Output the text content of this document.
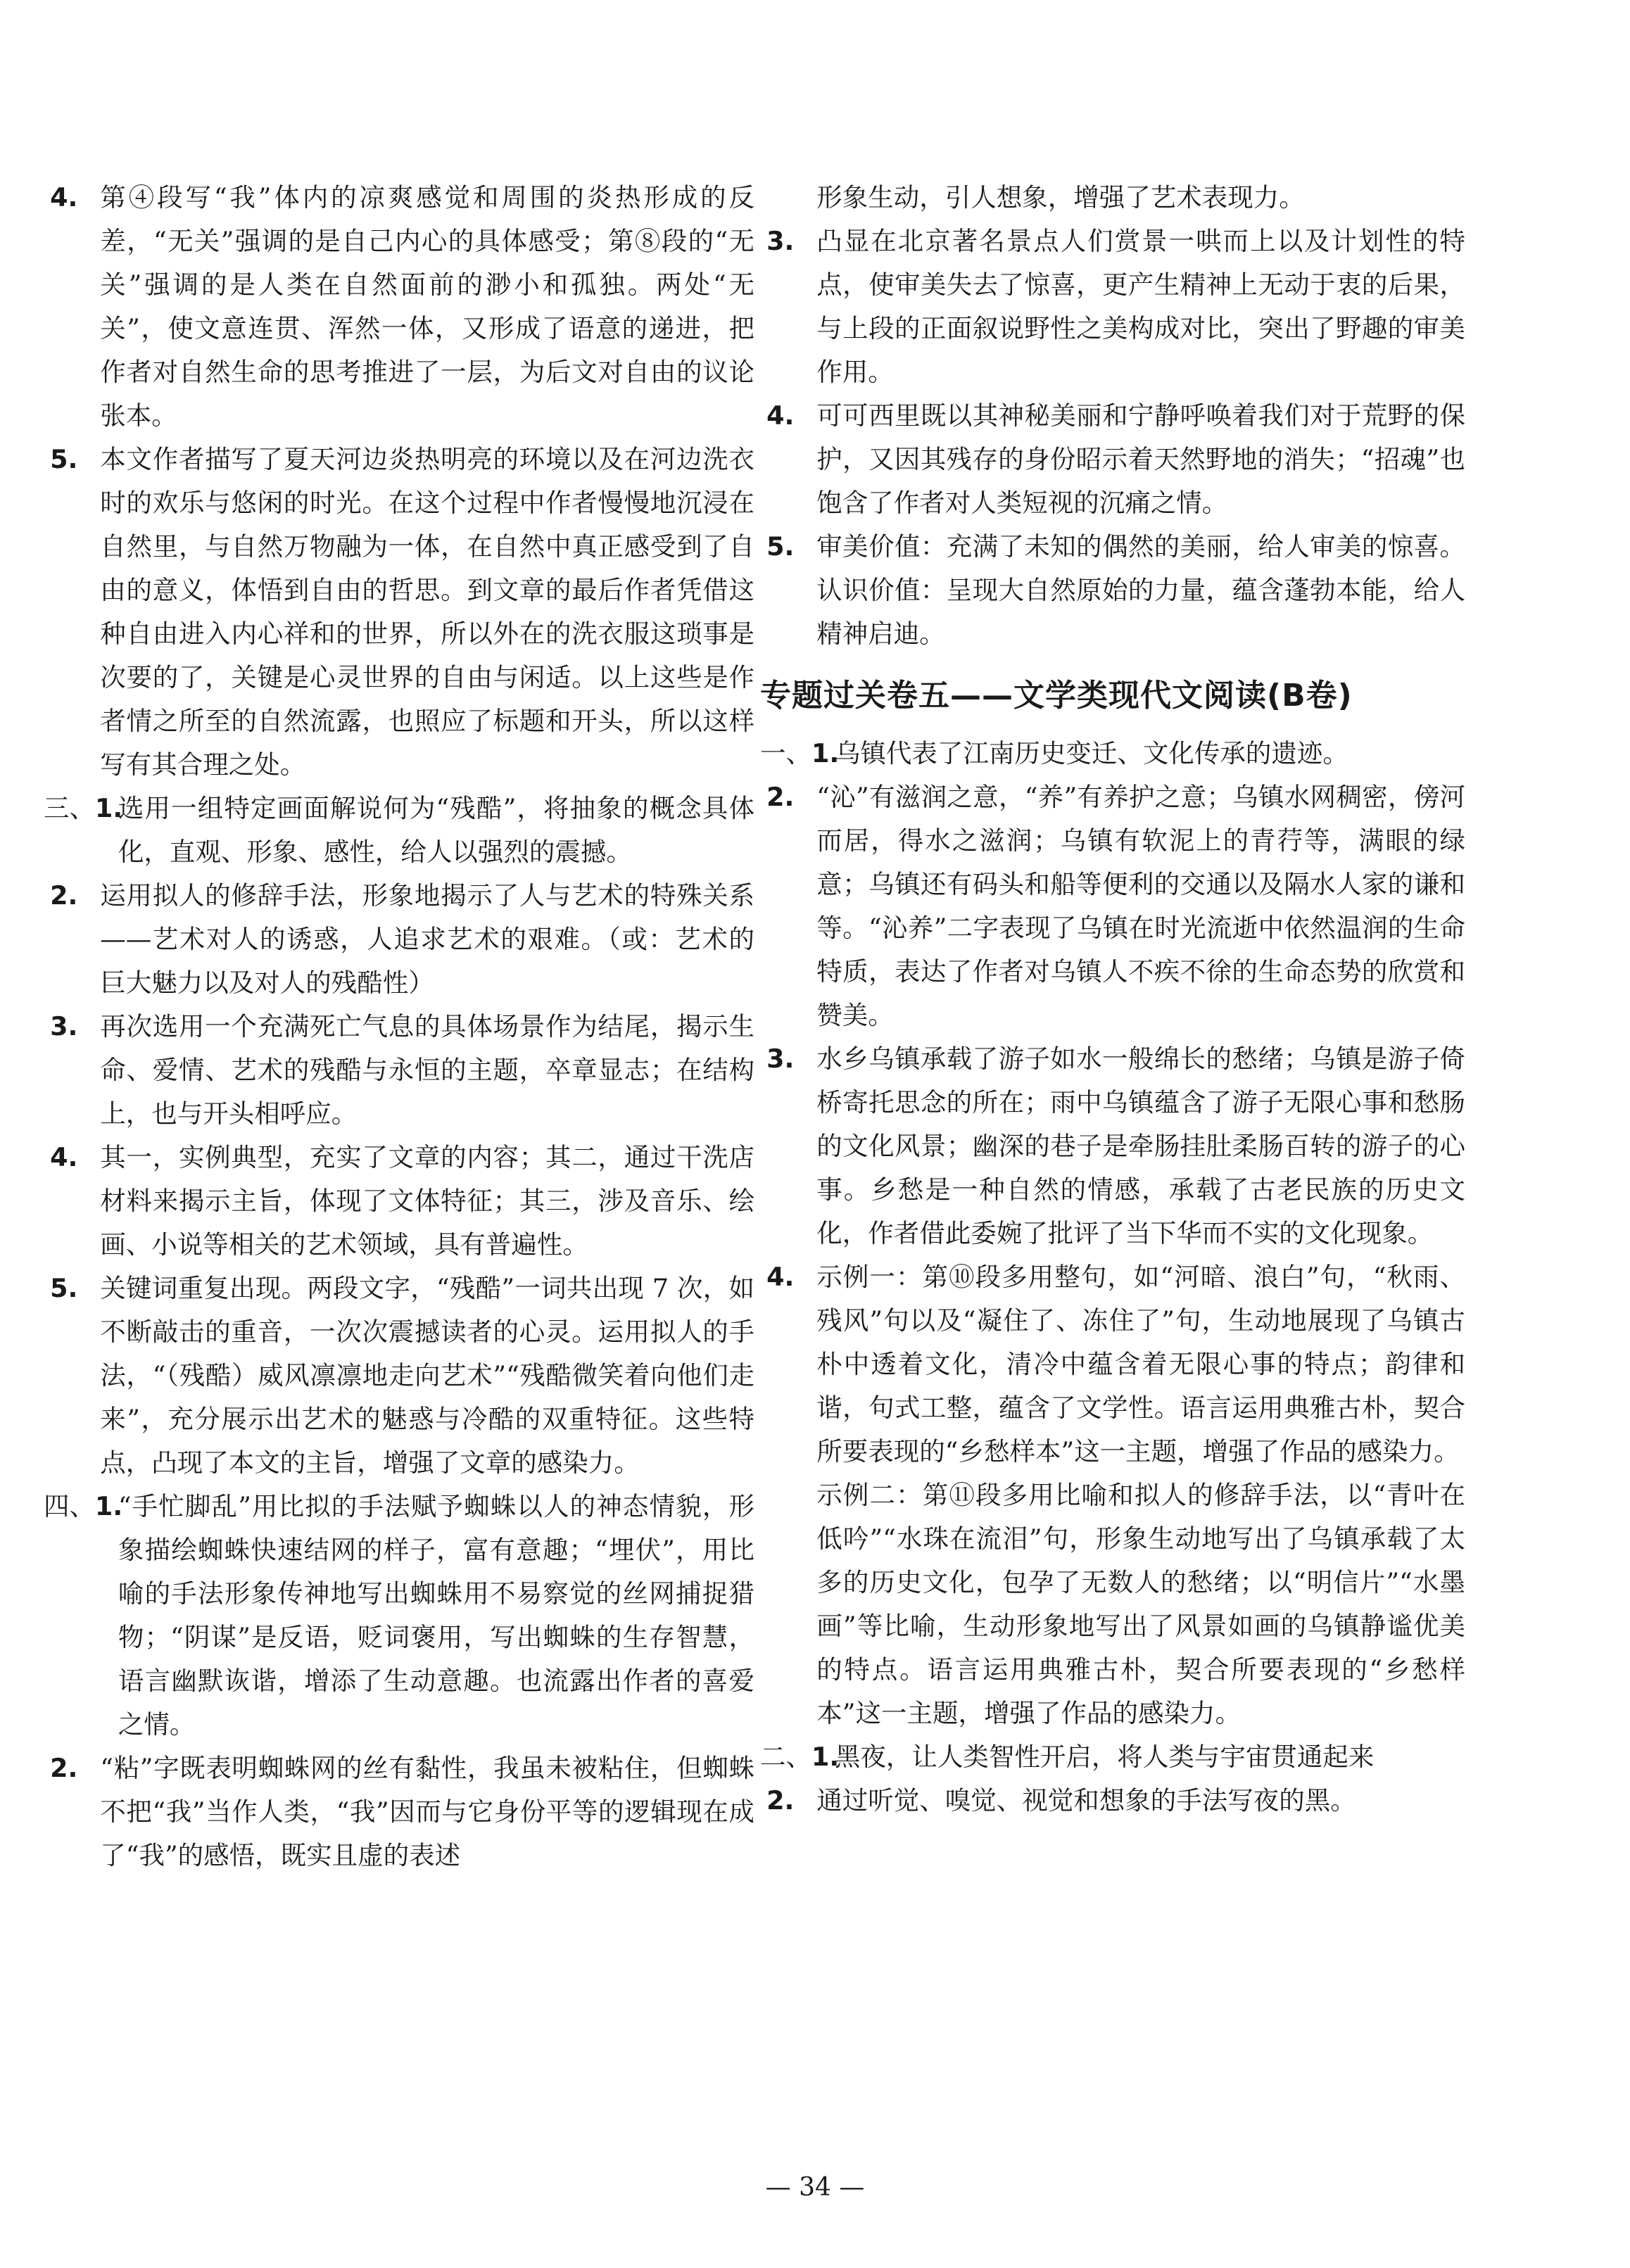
4. 第④段写“我”体内的凉爽感觉和周围的炎热形成的反差，“无关”强调的是自己内心的具体感受；第⑧段的“无关”强调的是人类在自然面前的渺小和孤独。两处“无关”，使文意连贯、浑然一体，又形成了语意的递进，把作者对自然生命的思考推进了一层，为后文对自由的议论张本。
5. 本文作者描写了夏天河边炎热明亮的环境以及在河边洗衣时的欢乐与悠闲的时光。在这个过程中作者慢慢地沉浸在自然里，与自然万物融为一体，在自然中真正感受到了自由的意义，体悟到自由的哲思。到文章的最后作者凭借这种自由进入内心祥和的世界，所以外在的洗衣服这琐事是次要的了，关键是心灵世界的自由与闲适。以上这些是作者情之所至的自然流露，也照应了标题和开头，所以这样写有其合理之处。
三、1.
选用一组特定画面解说何为“残酷”，将抽象的概念具体化，直观、形象、感性，给人以强烈的震撼。
2. 运用拟人的修辞手法，形象地揭示了人与艺术的特殊关系——艺术对人的诱惑，人追求艺术的艰难。（或：艺术的巨大魅力以及对人的残酷性）
3. 再次选用一个充满死亡气息的具体场景作为结尾，揭示生命、爱情、艺术的残酷与永恒的主题，卒章显志；在结构上，也与开头相呼应。
4. 其一，实例典型，充实了文章的内容；其二，通过干洗店材料来揭示主旨，体现了文体特征；其三，涉及音乐、绘画、小说等相关的艺术领域，具有普遍性。
5. 关键词重复出现。两段文字，“残酷”一词共出现 7 次，如不断敲击的重音，一次次震撼读者的心灵。运用拟人的手法，“（残酷）威风凛凛地走向艺术”“残酷微笑着向他们走来”，充分展示出艺术的魅惑与冷酷的双重特征。这些特点，凸现了本文的主旨，增强了文章的感染力。
四、1.
“手忙脚乱”用比拟的手法赋予蜘蛛以人的神态情貌，形象描绘蜘蛛快速结网的样子，富有意趣；“埋伏”，用比喻的手法形象传神地写出蜘蛛用不易察觉的丝网捕捉猎物；“阴谋”是反语，贬词褒用，写出蜘蛛的生存智慧，语言幽默诙谐，增添了生动意趣。也流露出作者的喜爱之情。
2. “粘”字既表明蜘蛛网的丝有黏性，我虽未被粘住，但蜘蛛不把“我”当作人类，“我”因而与它身份平等的逻辑现在成了“我”的感悟，既实且虚的表述
形象生动，引人想象，增强了艺术表现力。
3. 凸显在北京著名景点人们赏景一哄而上以及计划性的特点，使审美失去了惊喜，更产生精神上无动于衷的后果，与上段的正面叙说野性之美构成对比，突出了野趣的审美作用。
4. 可可西里既以其神秘美丽和宁静呼唤着我们对于荒野的保护，又因其残存的身份昭示着天然野地的消失；“招魂”也饱含了作者对人类短视的沉痛之情。
5. 审美价值：充满了未知的偶然的美丽，给人审美的惊喜。认识价值：呈现大自然原始的力量，蕴含蓬勃本能，给人精神启迪。
专题过关卷五——文学类现代文阅读(B卷)
一、1.
乌镇代表了江南历史变迁、文化传承的遗迹。
2. “沁”有滋润之意，“养”有养护之意；乌镇水网稠密，傍河而居，得水之滋润；乌镇有软泥上的青荇等，满眼的绿意；乌镇还有码头和船等便利的交通以及隔水人家的谦和等。“沁养”二字表现了乌镇在时光流逝中依然温润的生命特质，表达了作者对乌镇人不疾不徐的生命态势的欣赏和赞美。
3. 水乡乌镇承载了游子如水一般绵长的愁绪；乌镇是游子倚桥寄托思念的所在；雨中乌镇蕴含了游子无限心事和愁肠的文化风景；幽深的巷子是牵肠挂肚柔肠百转的游子的心事。乡愁是一种自然的情感，承载了古老民族的历史文化，作者借此委婉了批评了当下华而不实的文化现象。
4. 示例一：第⑩段多用整句，如“河暗、浪白”句，“秋雨、残风”句以及“凝住了、冻住了”句，生动地展现了乌镇古朴中透着文化，清冷中蕴含着无限心事的特点；韵律和谐，句式工整，蕴含了文学性。语言运用典雅古朴，契合所要表现的“乡愁样本”这一主题，增强了作品的感染力。
示例二：第⑪段多用比喻和拟人的修辞手法，以“青叶在低吟”“水珠在流泪”句，形象生动地写出了乌镇承载了太多的历史文化，包孕了无数人的愁绪；以“明信片”“水墨画”等比喻，生动形象地写出了风景如画的乌镇静谧优美的特点。语言运用典雅古朴，契合所要表现的“乡愁样本”这一主题，增强了作品的感染力。
二、1.
黑夜，让人类智性开启，将人类与宇宙贯通起来
2. 通过听觉、嗅觉、视觉和想象的手法写夜的黑。
— 34 —
